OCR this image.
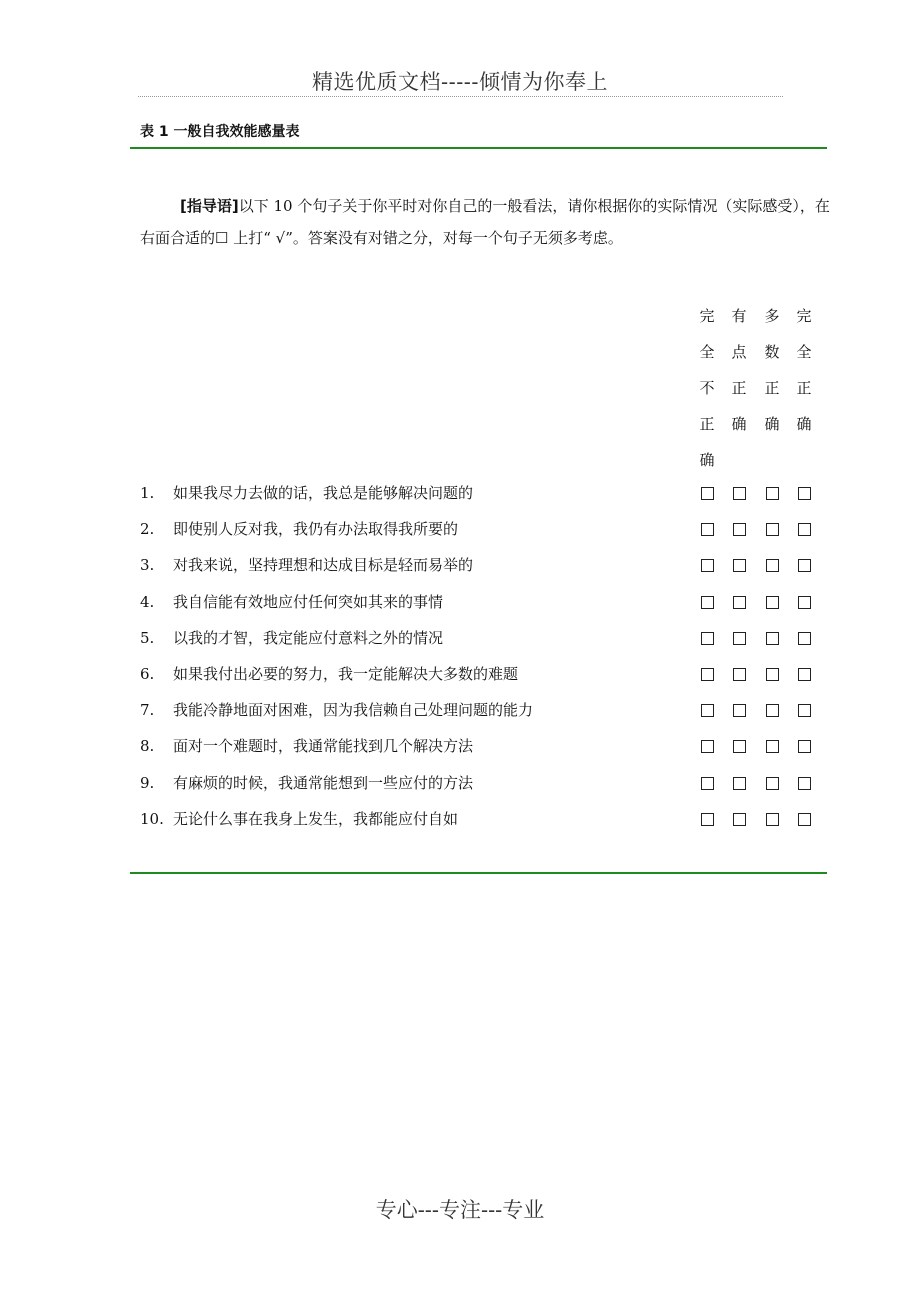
精选优质文档-----倾情为你奉上
表 1 一般自我效能感量表
[指导语]以下 10 个句子关于你平时对你自己的一般看法，请你根据你的实际情况（实际感受），在右面合适的☐ 上打“ √”。答案没有对错之分，对每一个句子无须多考虑。
完全不正确
有点正确
多数正确
完全正确
1. 如果我尽力去做的话，我总是能够解决问题的
2. 即使别人反对我，我仍有办法取得我所要的
3. 对我来说，坚持理想和达成目标是轻而易举的
4. 我自信能有效地应付任何突如其来的事情
5. 以我的才智，我定能应付意料之外的情况
6. 如果我付出必要的努力，我一定能解决大多数的难题
7. 我能冷静地面对困难，因为我信赖自己处理问题的能力
8. 面对一个难题时，我通常能找到几个解决方法
9. 有麻烦的时候，我通常能想到一些应付的方法
10. 无论什么事在我身上发生，我都能应付自如
专心---专注---专业
